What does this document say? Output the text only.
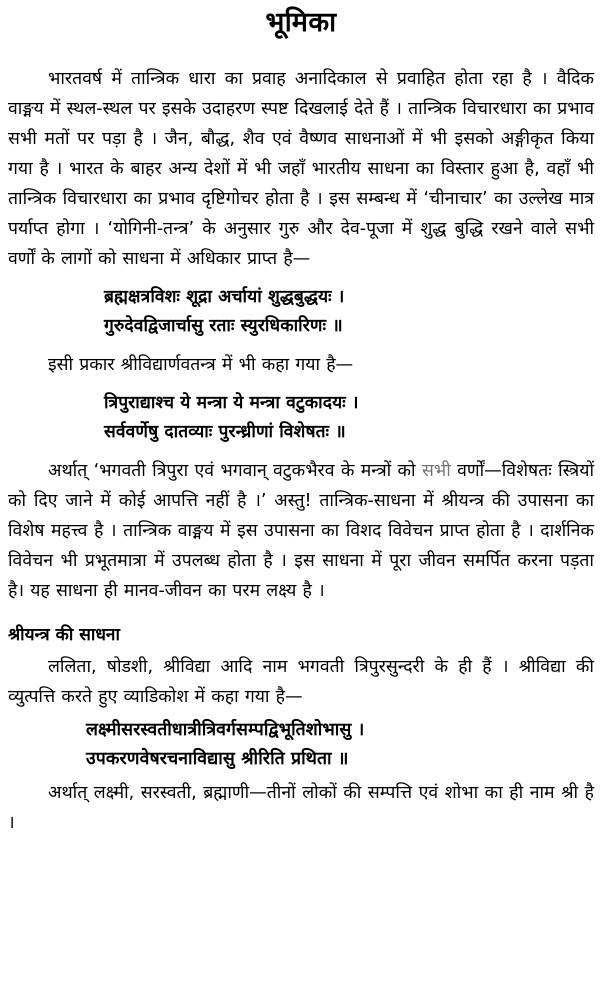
भूमिका

भारतवर्ष में तान्त्रिक धारा का प्रवाह अनादिकाल से प्रवाहित होता रहा है । वैदिक वाङ्मय में स्थल-स्थल पर इसके उदाहरण स्पष्ट दिखलाई देते हैं । तान्त्रिक विचारधारा का प्रभाव सभी मतों पर पड़ा है । जैन, बौद्ध, शैव एवं वैष्णव साधनाओं में भी इसको अङ्गीकृत किया गया है । भारत के बाहर अन्य देशों में भी जहाँ भारतीय साधना का विस्तार हुआ है, वहाँ भी तान्त्रिक विचारधारा का प्रभाव दृष्टिगोचर होता है । इस सम्बन्ध में ‘चीनाचार’ का उल्लेख मात्र पर्याप्त होगा । ‘योगिनी-तन्त्र’ के अनुसार गुरु और देव-पूजा में शुद्ध बुद्धि रखने वाले सभी वर्णों के लागों को साधना में अधिकार प्राप्त है—

ब्रह्मक्षत्रविशः शूद्रा अर्चायां शुद्धबुद्धयः ।
गुरुदेवद्विजार्चासु रताः स्युरधिकारिणः ॥

इसी प्रकार श्रीविद्यार्णवतन्त्र में भी कहा गया है—

त्रिपुराद्याश्च ये मन्त्रा ये मन्त्रा वटुकादयः ।
सर्ववर्णेषु दातव्याः पुरन्ध्रीणां विशेषतः ॥

अर्थात् ‘भगवती त्रिपुरा एवं भगवान् वटुकभैरव के मन्त्रों को सभी वर्णों—विशेषतः स्त्रियों को दिए जाने में कोई आपत्ति नहीं है ।’ अस्तु! तान्त्रिक-साधना में श्रीयन्त्र की उपासना का विशेष महत्त्व है । तान्त्रिक वाङ्मय में इस उपासना का विशद विवेचन प्राप्त होता है । दार्शनिक विवेचन भी प्रभूतमात्रा में उपलब्ध होता है । इस साधना में पूरा जीवन समर्पित करना पड़ता है। यह साधना ही मानव-जीवन का परम लक्ष्य है ।

श्रीयन्त्र की साधना

ललिता, षोडशी, श्रीविद्या आदि नाम भगवती त्रिपुरसुन्दरी के ही हैं । श्रीविद्या की व्युत्पत्ति करते हुए व्याडिकोश में कहा गया है—

लक्ष्मीसरस्वतीधात्रीत्रिवर्गसम्पद्विभूतिशोभासु ।
उपकरणवेषरचनाविद्यासु श्रीरिति प्रथिता ॥

अर्थात् लक्ष्मी, सरस्वती, ब्रह्माणी—तीनों लोकों की सम्पत्ति एवं शोभा का ही नाम श्री है ।
